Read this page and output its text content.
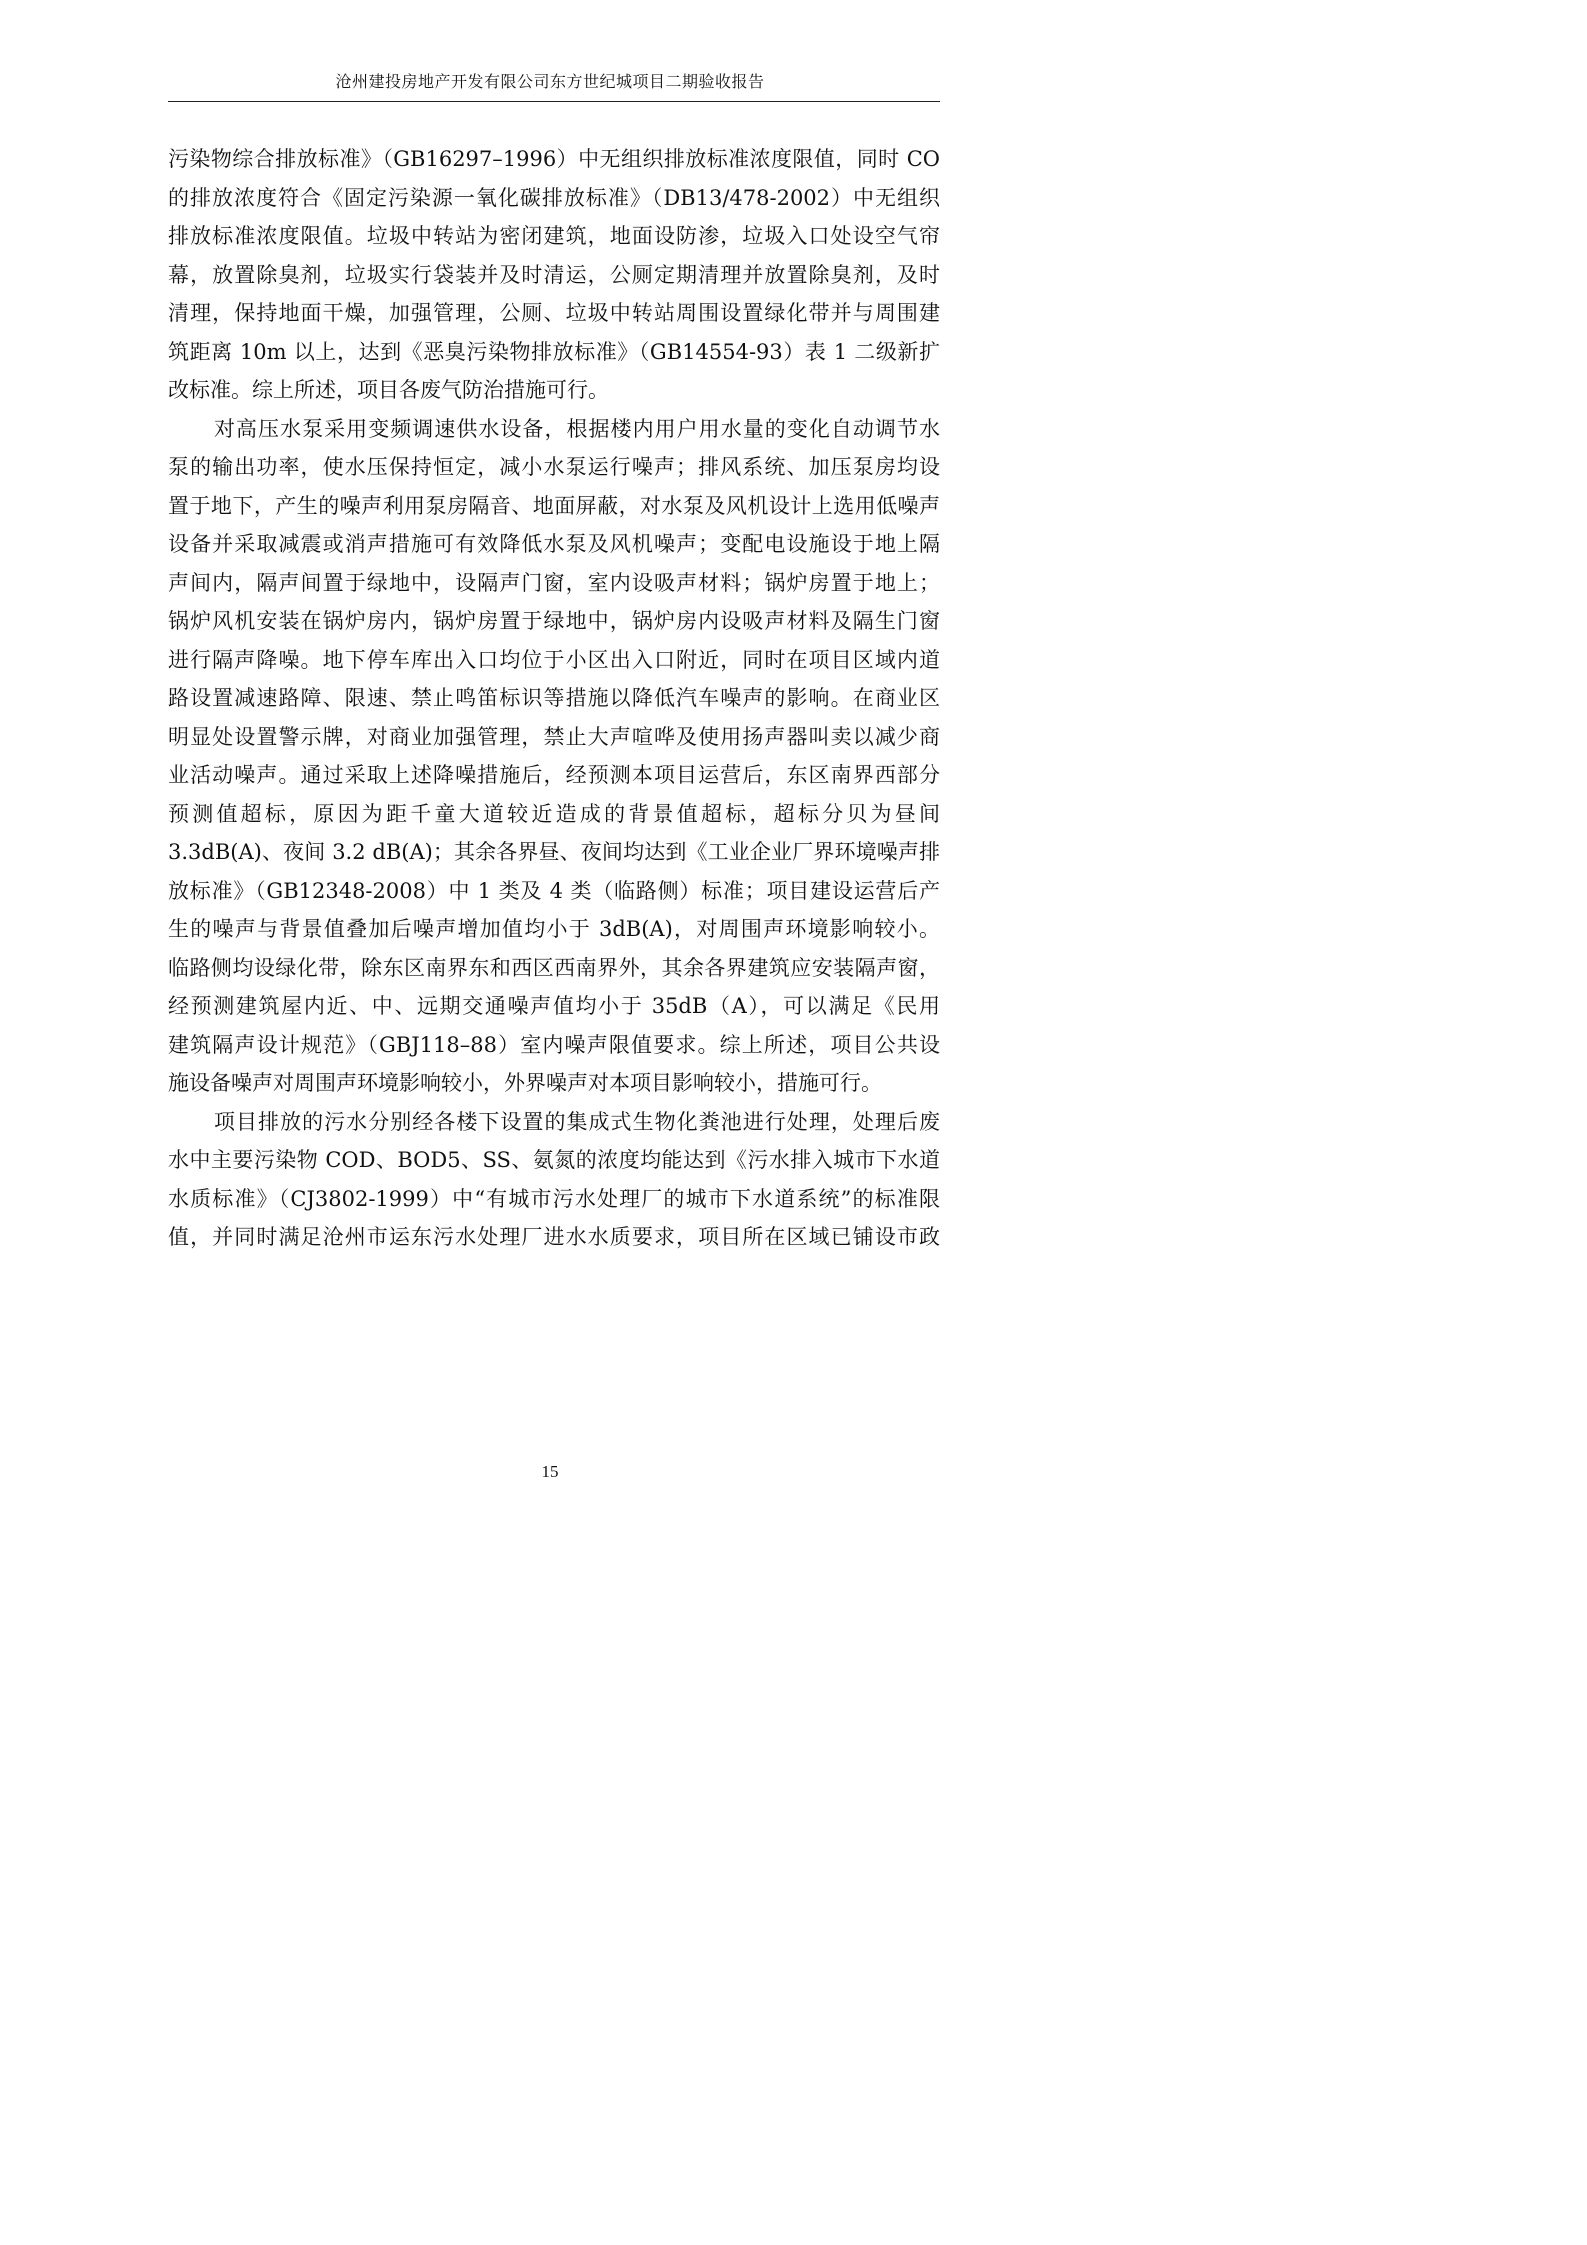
沧州建投房地产开发有限公司东方世纪城项目二期验收报告
污染物综合排放标准》（GB16297–1996）中无组织排放标准浓度限值，同时 CO
的排放浓度符合《固定污染源一氧化碳排放标准》（DB13/478-2002）中无组织
排放标准浓度限值。垃圾中转站为密闭建筑，地面设防渗，垃圾入口处设空气帘
幕，放置除臭剂，垃圾实行袋装并及时清运，公厕定期清理并放置除臭剂，及时
清理，保持地面干燥，加强管理，公厕、垃圾中转站周围设置绿化带并与周围建
筑距离 10m 以上，达到《恶臭污染物排放标准》（GB14554-93）表 1 二级新扩
改标准。综上所述，项目各废气防治措施可行。
对高压水泵采用变频调速供水设备，根据楼内用户用水量的变化自动调节水
泵的输出功率，使水压保持恒定，减小水泵运行噪声；排风系统、加压泵房均设
置于地下，产生的噪声利用泵房隔音、地面屏蔽，对水泵及风机设计上选用低噪声
设备并采取减震或消声措施可有效降低水泵及风机噪声；变配电设施设于地上隔
声间内，隔声间置于绿地中，设隔声门窗，室内设吸声材料；锅炉房置于地上；
锅炉风机安装在锅炉房内，锅炉房置于绿地中，锅炉房内设吸声材料及隔生门窗
进行隔声降噪。地下停车库出入口均位于小区出入口附近，同时在项目区域内道
路设置减速路障、限速、禁止鸣笛标识等措施以降低汽车噪声的影响。在商业区
明显处设置警示牌，对商业加强管理，禁止大声喧哗及使用扬声器叫卖以减少商
业活动噪声。通过采取上述降噪措施后，经预测本项目运营后，东区南界西部分
预测值超标，原因为距千童大道较近造成的背景值超标，超标分贝为昼间
3.3dB(A)、夜间 3.2 dB(A)；其余各界昼、夜间均达到《工业企业厂界环境噪声排
放标准》（GB12348-2008）中 1 类及 4 类（临路侧）标准；项目建设运营后产
生的噪声与背景值叠加后噪声增加值均小于 3dB(A)，对周围声环境影响较小。
临路侧均设绿化带，除东区南界东和西区西南界外，其余各界建筑应安装隔声窗，
经预测建筑屋内近、中、远期交通噪声值均小于 35dB（A），可以满足《民用
建筑隔声设计规范》（GBJ118–88）室内噪声限值要求。综上所述，项目公共设
施设备噪声对周围声环境影响较小，外界噪声对本项目影响较小，措施可行。
项目排放的污水分别经各楼下设置的集成式生物化粪池进行处理，处理后废
水中主要污染物 COD、BOD5、SS、氨氮的浓度均能达到《污水排入城市下水道
水质标准》（CJ3802-1999）中“有城市污水处理厂的城市下水道系统”的标准限
值，并同时满足沧州市运东污水处理厂进水水质要求，项目所在区域已铺设市政
15
